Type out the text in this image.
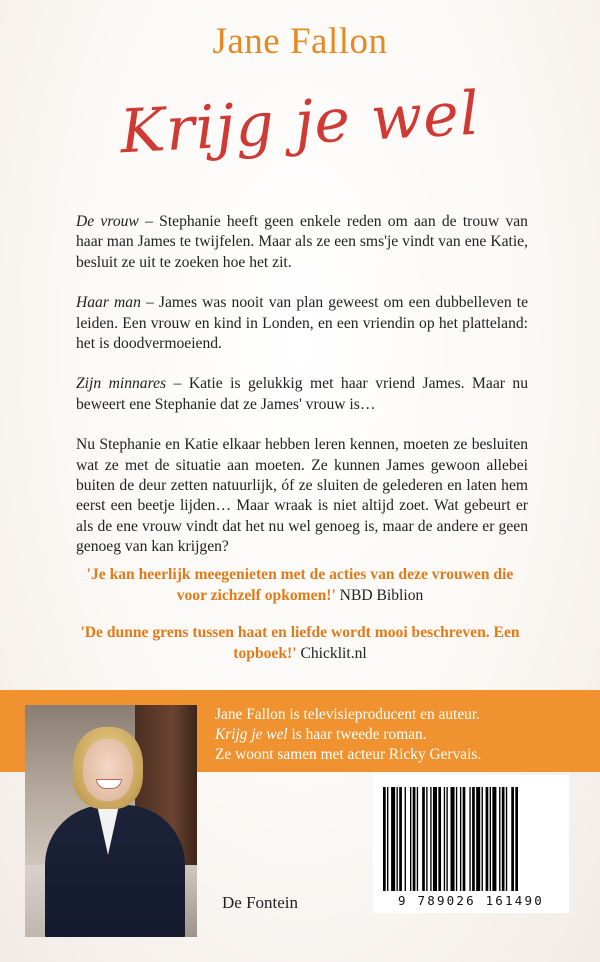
Jane Fallon
Krijg je wel

De vrouw – Stephanie heeft geen enkele reden om aan de trouw van haar man James te twijfelen. Maar als ze een sms'je vindt van ene Katie, besluit ze uit te zoeken hoe het zit.

Haar man – James was nooit van plan geweest om een dubbelleven te leiden. Een vrouw en kind in Londen, en een vriendin op het platteland: het is doodvermoeiend.

Zijn minnares – Katie is gelukkig met haar vriend James. Maar nu beweert ene Stephanie dat ze James' vrouw is…

Nu Stephanie en Katie elkaar hebben leren kennen, moeten ze besluiten wat ze met de situatie aan moeten. Ze kunnen James gewoon allebei buiten de deur zetten natuurlijk, óf ze sluiten de gelederen en laten hem eerst een beetje lijden… Maar wraak is niet altijd zoet. Wat gebeurt er als de ene vrouw vindt dat het nu wel genoeg is, maar de andere er geen genoeg van kan krijgen?

'Je kan heerlijk meegenieten met de acties van deze vrouwen die voor zichzelf opkomen!' NBD Biblion
'De dunne grens tussen haat en liefde wordt mooi beschreven. Een topboek!' Chicklit.nl
Jane Fallon is televisieproducent en auteur.
Krijg je wel is haar tweede roman.
Ze woont samen met acteur Ricky Gervais.
De Fontein	9 789026 161490
